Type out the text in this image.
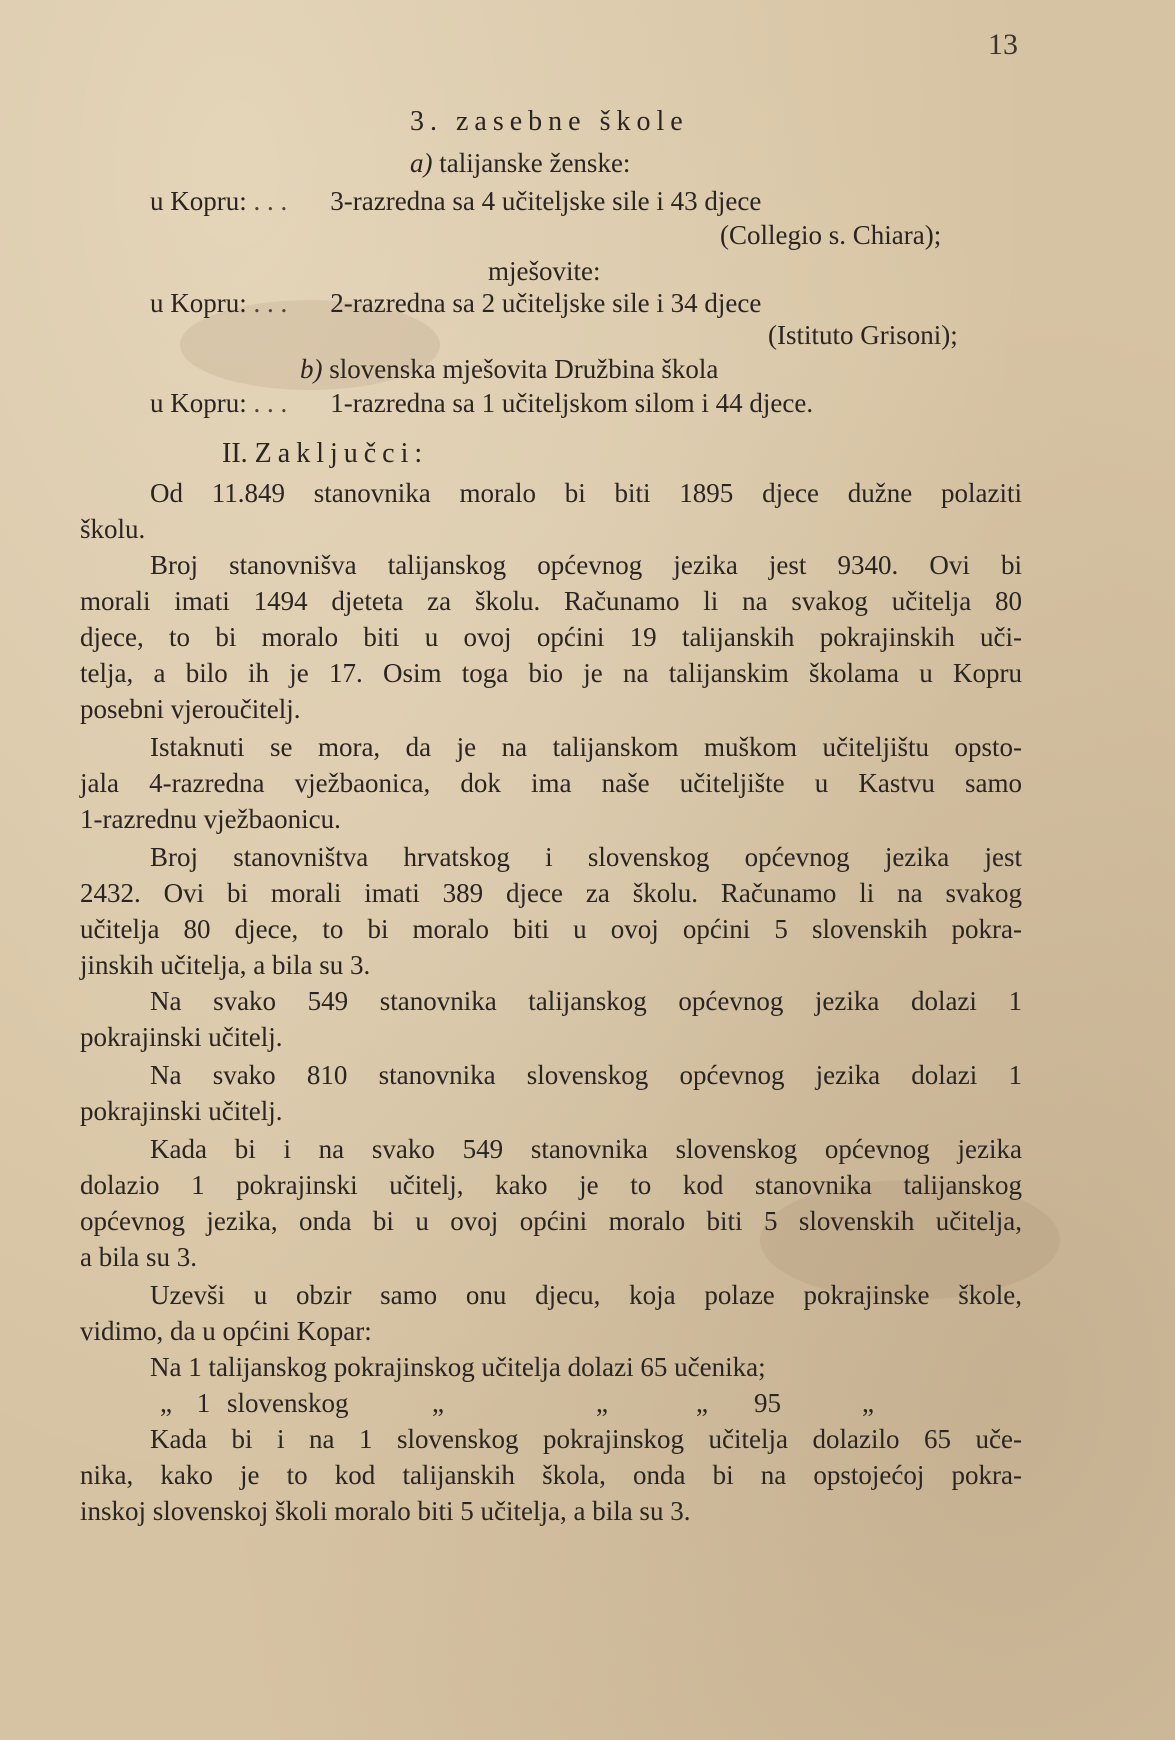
13
3. zasebne škole
a) talijanske ženske:
u Kopru: . . . 3-razredna sa 4 učiteljske sile i 43 djece
(Collegio s. Chiara);
mješovite:
u Kopru: . . . 2-razredna sa 2 učiteljske sile i 34 djece
(Istituto Grisoni);
b) slovenska mješovita Družbina škola
u Kopru: . . . 1-razredna sa 1 učiteljskom silom i 44 djece.
II. Zaključci:
Od 11.849 stanovnika moralo bi biti 1895 djece dužne polaziti
školu.
Broj stanovnišva talijanskog općevnog jezika jest 9340. Ovi bi
morali imati 1494 djeteta za školu. Računamo li na svakog učitelja 80
djece, to bi moralo biti u ovoj općini 19 talijanskih pokrajinskih uči-
telja, a bilo ih je 17. Osim toga bio je na talijanskim školama u Kopru
posebni vjeroučitelj.
Istaknuti se mora, da je na talijanskom muškom učiteljištu opsto-
jala 4-razredna vježbaonica, dok ima naše učiteljište u Kastvu samo
1-razrednu vježbaonicu.
Broj stanovništva hrvatskog i slovenskog općevnog jezika jest
2432. Ovi bi morali imati 389 djece za školu. Računamo li na svakog
učitelja 80 djece, to bi moralo biti u ovoj općini 5 slovenskih pokra-
jinskih učitelja, a bila su 3.
Na svako 549 stanovnika talijanskog općevnog jezika dolazi 1
pokrajinski učitelj.
Na svako 810 stanovnika slovenskog općevnog jezika dolazi 1
pokrajinski učitelj.
Kada bi i na svako 549 stanovnika slovenskog općevnog jezika
dolazio 1 pokrajinski učitelj, kako je to kod stanovnika talijanskog
općevnog jezika, onda bi u ovoj općini moralo biti 5 slovenskih učitelja,
a bila su 3.
Uzevši u obzir samo onu djecu, koja polaze pokrajinske škole,
vidimo, da u općini Kopar:
Na 1 talijanskog pokrajinskog učitelja dolazi 65 učenika;
„ 1 slovenskog	„	„	„ 95	„
Kada bi i na 1 slovenskog pokrajinskog učitelja dolazilo 65 uče-
nika, kako je to kod talijanskih škola, onda bi na opstojećoj pokra-
inskoj slovenskoj školi moralo biti 5 učitelja, a bila su 3.
